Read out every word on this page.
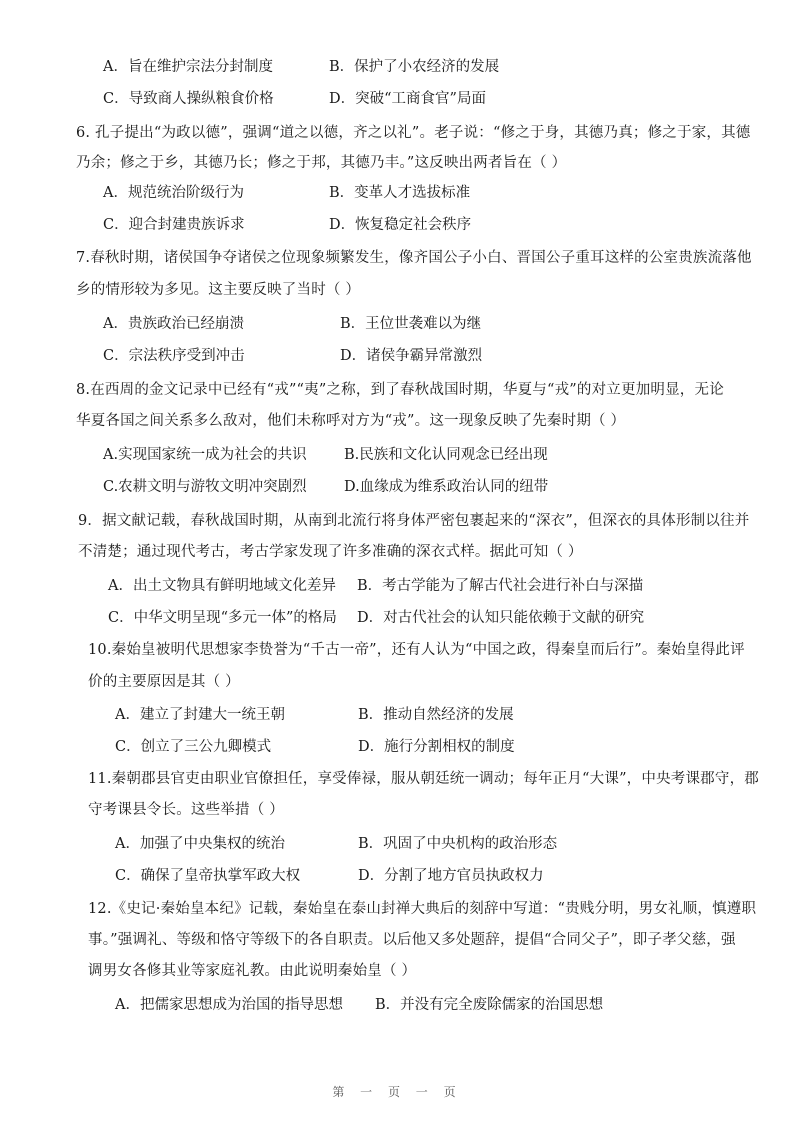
A．旨在维护宗法分封制度	B．保护了小农经济的发展
C．导致商人操纵粮食价格	D．突破“工商食官”局面
6. 孔子提出“为政以德”，强调“道之以德，齐之以礼”。老子说：“修之于身，其德乃真；修之于家，其德
乃余；修之于乡，其德乃长；修之于邦，其德乃丰。”这反映出两者旨在（ ）
A．规范统治阶级行为	B．变革人才选拔标准
C．迎合封建贵族诉求	D．恢复稳定社会秩序
7.春秋时期，诸侯国争夺诸侯之位现象频繁发生，像齐国公子小白、晋国公子重耳这样的公室贵族流落他
乡的情形较为多见。这主要反映了当时（ ）
A．贵族政治已经崩溃	B．王位世袭难以为继
C．宗法秩序受到冲击	D．诸侯争霸异常激烈
8.在西周的金文记录中已经有“戎”“夷”之称，到了春秋战国时期，华夏与“戎”的对立更加明显，无论
华夏各国之间关系多么敌对，他们未称呼对方为“戎”。这一现象反映了先秦时期（ ）
A.实现国家统一成为社会的共识	B.民族和文化认同观念已经出现
C.农耕文明与游牧文明冲突剧烈	D.血缘成为维系政治认同的纽带
9．据文献记载，春秋战国时期，从南到北流行将身体严密包裹起来的“深衣”，但深衣的具体形制以往并
不清楚；通过现代考古，考古学家发现了许多准确的深衣式样。据此可知（ ）
A．出土文物具有鲜明地域文化差异 B．考古学能为了解古代社会进行补白与深描
C．中华文明呈现“多元一体”的格局 D．对古代社会的认知只能依赖于文献的研究
10.秦始皇被明代思想家李贽誉为“千古一帝”，还有人认为“中国之政，得秦皇而后行”。秦始皇得此评
价的主要原因是其（ ）
A．建立了封建大一统王朝	B．推动自然经济的发展
C．创立了三公九卿模式	D．施行分割相权的制度
11.秦朝郡县官吏由职业官僚担任，享受俸禄，服从朝廷统一调动；每年正月“大课”，中央考课郡守，郡
守考课县令长。这些举措（ ）
A．加强了中央集权的统治	B．巩固了中央机构的政治形态
C．确保了皇帝执掌军政大权	D．分割了地方官员执政权力
12.《史记·秦始皇本纪》记载，秦始皇在泰山封禅大典后的刻辞中写道：“贵贱分明，男女礼顺，慎遵职
事。”强调礼、等级和恪守等级下的各自职责。以后他又多处题辞，提倡“合同父子”，即子孝父慈，强
调男女各修其业等家庭礼教。由此说明秦始皇（ ）
A．把儒家思想成为治国的指导思想 B．并没有完全废除儒家的治国思想
第 一 页 一 页
